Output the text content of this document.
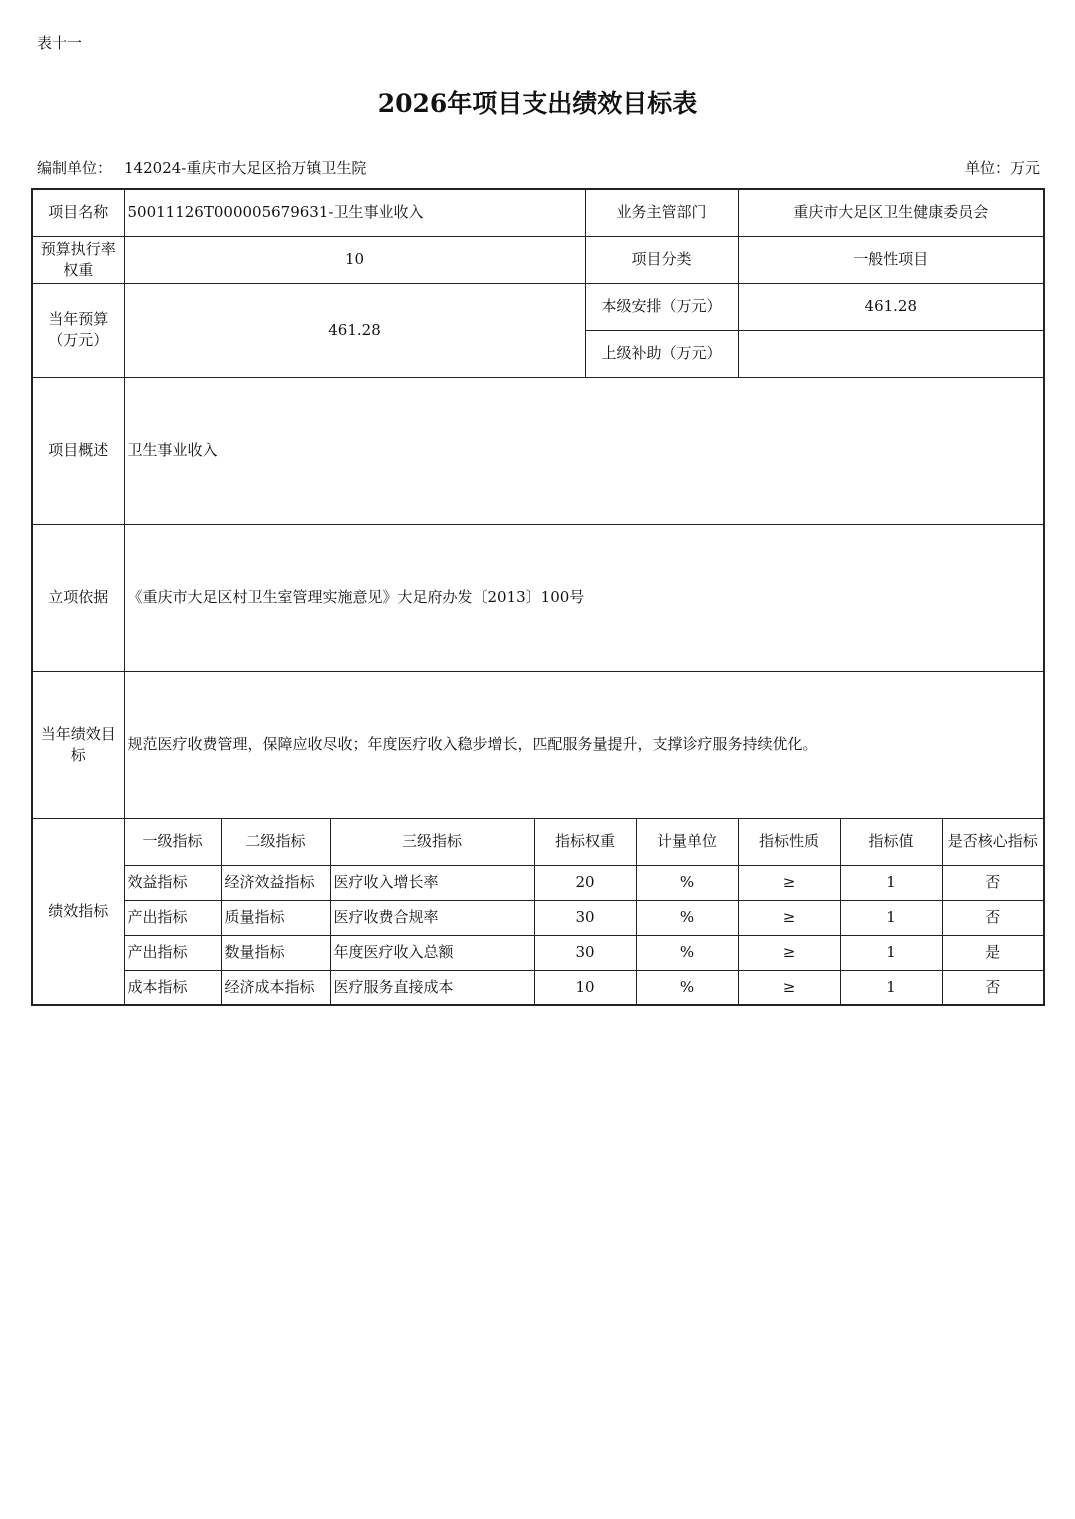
表十一
2026年项目支出绩效目标表
编制单位： 142024-重庆市大足区拾万镇卫生院	单位：万元
项目名称	50011126T000005679631-卫生事业收入				业务主管部门		重庆市大足区卫生健康委员会		
预算执行率权重	10				项目分类		一般性项目		
当年预算（万元）	461.28				本级安排（万元）		461.28		
					上级补助（万元）				
项目概述	卫生事业收入								
立项依据	《重庆市大足区村卫生室管理实施意见》大足府办发〔2013〕100号								
当年绩效目标	规范医疗收费管理，保障应收尽收；年度医疗收入稳步增长，匹配服务量提升，支撑诊疗服务持续优化。								
绩效指标	一级指标	二级指标	三级指标	指标权重		计量单位	指标性质	指标值	是否核心指标
	效益指标	经济效益指标	医疗收入增长率	20		%	≥	1	否
	产出指标	质量指标	医疗收费合规率	30		%	≥	1	否
	产出指标	数量指标	年度医疗收入总额	30		%	≥	1	是
	成本指标	经济成本指标	医疗服务直接成本	10		%	≥	1	否
